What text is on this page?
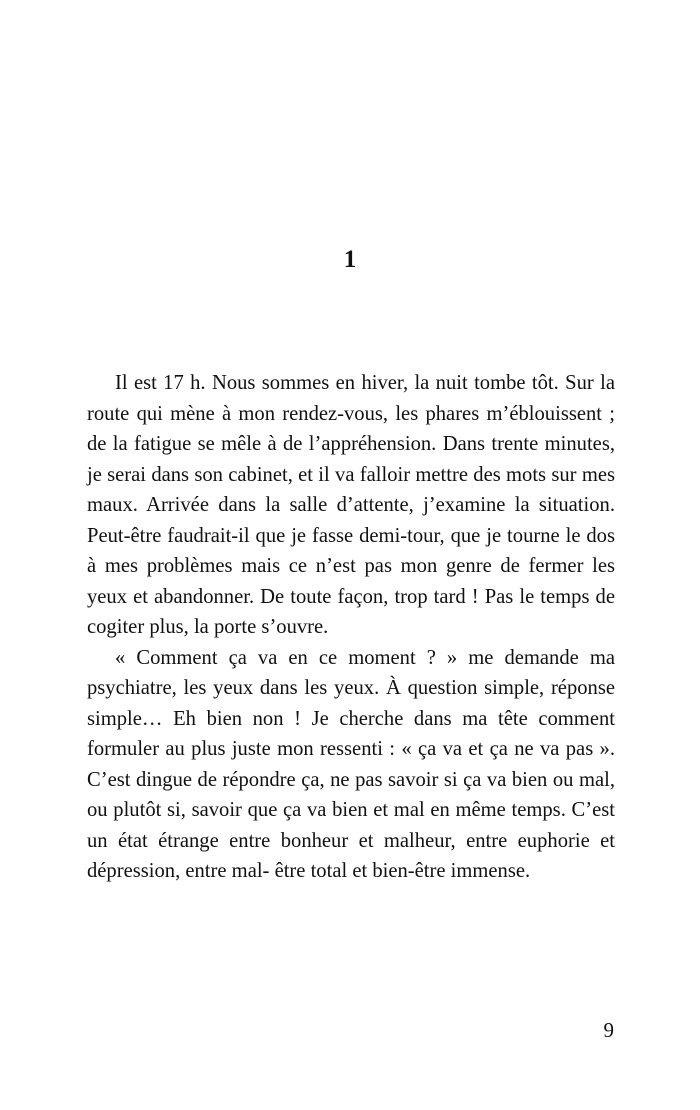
1

Il est 17 h. Nous sommes en hiver, la nuit tombe tôt. Sur la route qui mène à mon rendez-vous, les phares m’éblouissent ; de la fatigue se mêle à de l’appréhension. Dans trente minutes, je serai dans son cabinet, et il va falloir mettre des mots sur mes maux. Arrivée dans la salle d’attente, j’examine la situation. Peut-être faudrait-il que je fasse demi-tour, que je tourne le dos à mes problèmes mais ce n’est pas mon genre de fermer les yeux et abandonner. De toute façon, trop tard ! Pas le temps de cogiter plus, la porte s’ouvre.

« Comment ça va en ce moment ? » me demande ma psychiatre, les yeux dans les yeux. À question simple, réponse simple… Eh bien non ! Je cherche dans ma tête comment formuler au plus juste mon ressenti : « ça va et ça ne va pas ». C’est dingue de répondre ça, ne pas savoir si ça va bien ou mal, ou plutôt si, savoir que ça va bien et mal en même temps. C’est un état étrange entre bonheur et malheur, entre euphorie et dépression, entre mal- être total et bien-être immense.

9
